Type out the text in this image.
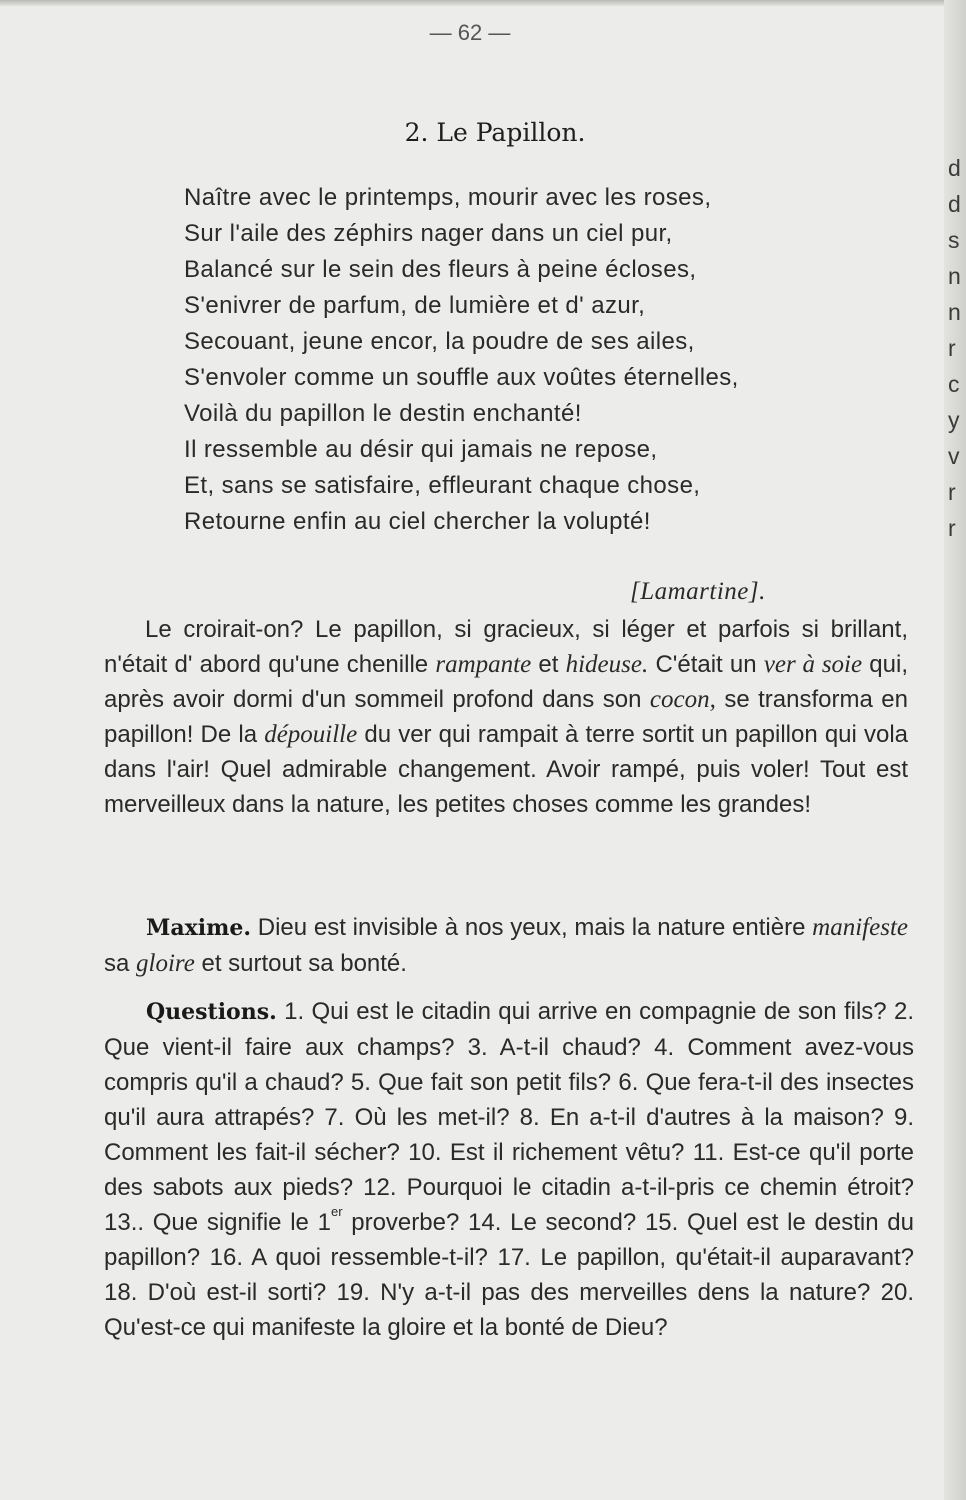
d
d
s
n
n
r
c
y
v
r
r
— 62 —
2. Le Papillon.
Naître avec le printemps, mourir avec les roses,
Sur l'aile des zéphirs nager dans un ciel pur,
Balancé sur le sein des fleurs à peine écloses,
S'enivrer de parfum, de lumière et d' azur,
Secouant, jeune encor, la poudre de ses ailes,
S'envoler comme un souffle aux voûtes éternelles,
Voilà du papillon le destin enchanté!
Il ressemble au désir qui jamais ne repose,
Et, sans se satisfaire, effleurant chaque chose,
Retourne enfin au ciel chercher la volupté!
[Lamartine].

Le croirait-on? Le papillon, si gracieux, si léger et parfois si brillant, n'était d' abord qu'une chenille rampante et hideuse. C'était un ver à soie qui, après avoir dormi d'un sommeil profond dans son cocon, se transforma en papillon! De la dépouille du ver qui rampait à terre sortit un papillon qui vola dans l'air! Quel admirable changement. Avoir rampé, puis voler! Tout est merveilleux dans la nature, les petites choses comme les grandes!

Maxime. Dieu est invisible à nos yeux, mais la nature entière manifeste sa gloire et surtout sa bonté.

Questions. 1. Qui est le citadin qui arrive en compagnie de son fils? 2. Que vient-il faire aux champs? 3. A-t-il chaud? 4. Comment avez-vous compris qu'il a chaud? 5. Que fait son petit fils? 6. Que fera-t-il des insectes qu'il aura attrapés? 7. Où les met-il? 8. En a-t-il d'autres à la maison? 9. Comment les fait-il sécher? 10. Est il richement vêtu? 11. Est-ce qu'il porte des sabots aux pieds? 12. Pourquoi le citadin a-t-il-pris ce chemin étroit? 13.. Que signifie le 1er proverbe? 14. Le second? 15. Quel est le destin du papillon? 16. A quoi ressemble-t-il? 17. Le papillon, qu'était-il auparavant? 18. D'où est-il sorti? 19. N'y a-t-il pas des merveilles dens la nature? 20. Qu'est-ce qui manifeste la gloire et la bonté de Dieu?
